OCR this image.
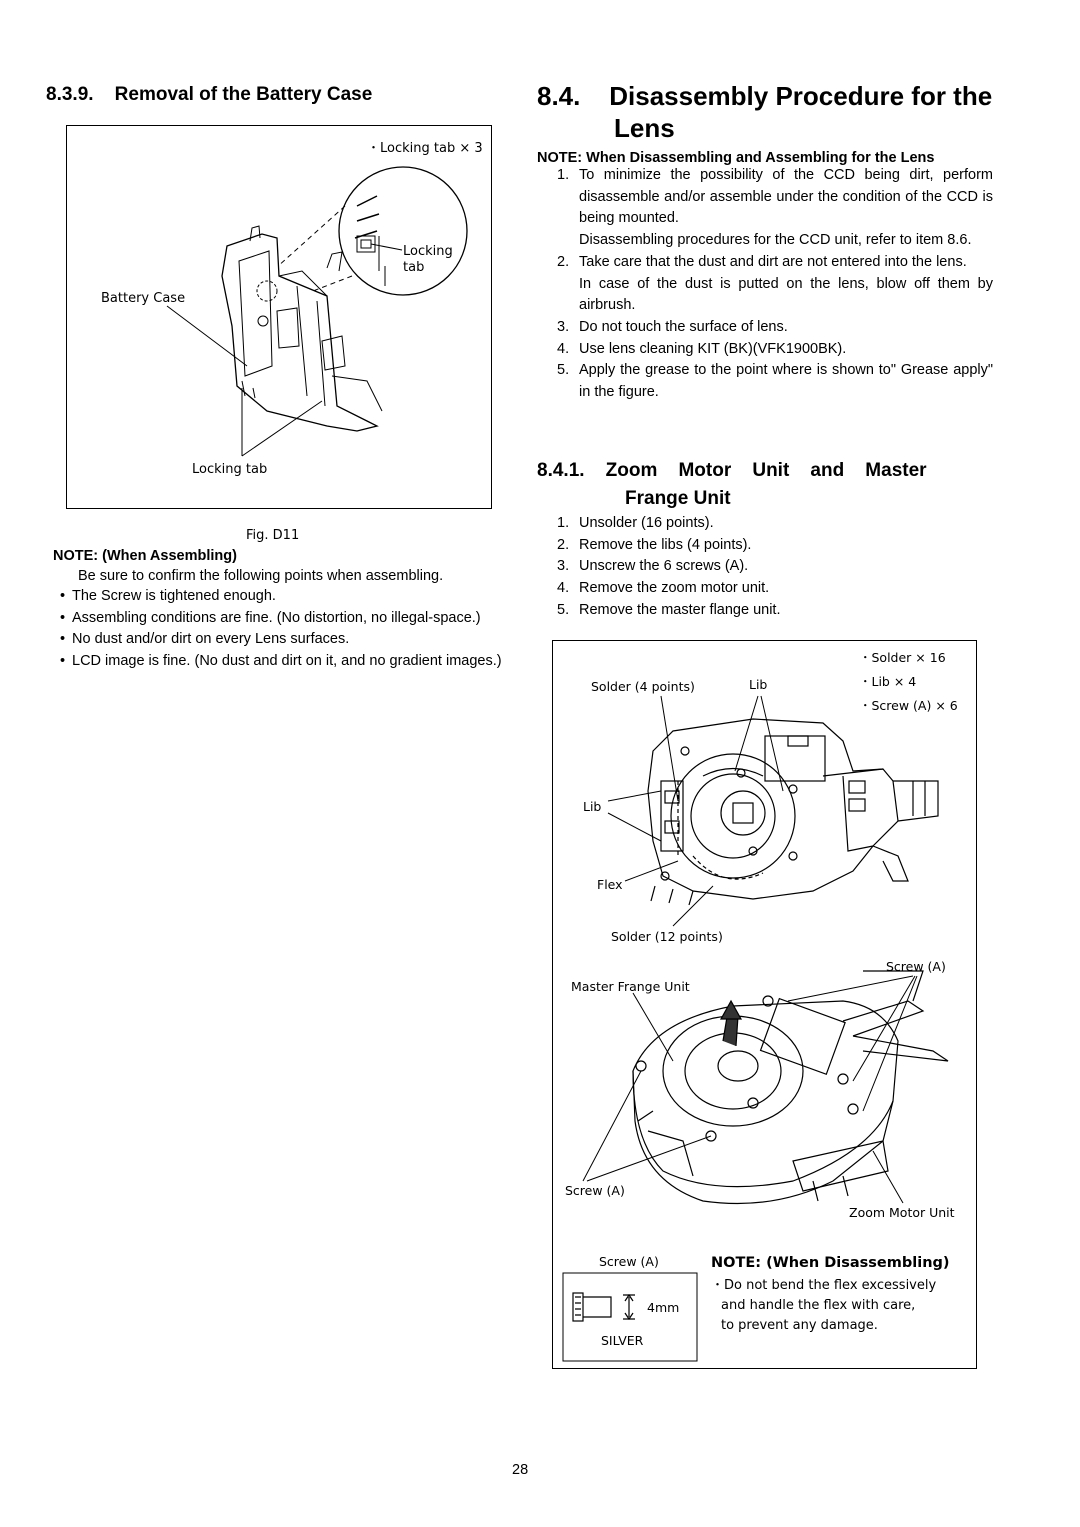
8.3.9.    Removal of the Battery Case
・Locking tab × 3
Locking
tab
Battery Case
Locking tab
Fig. D11
NOTE: (When Assembling)
Be sure to confirm the following points when assembling.
• The Screw is tightened enough.
• Assembling conditions are fine. (No distortion, no illegal-space.)
• No dust and/or dirt on every Lens surfaces.
• LCD image is fine. (No dust and dirt on it, and no gradient images.)
8.4.    Disassembly Procedure for the
Lens
NOTE: When Disassembling and Assembling for the Lens
1. To minimize the possibility of the CCD being dirt, perform disassemble and/or assemble under the condition of the CCD is being mounted.
Disassembling procedures for the CCD unit, refer to item 8.6.
2. Take care that the dust and dirt are not entered into the lens.
In case of the dust is putted on the lens, blow off them by airbrush.
3. Do not touch the surface of lens.
4. Use lens cleaning KIT (BK)(VFK1900BK).
5. Apply the grease to the point where is shown to" Grease apply" in the figure.
8.4.1.    Zoom    Motor    Unit    and    Master
Frange Unit
1. Unsolder (16 points).
2. Remove the libs (4 points).
3. Unscrew the 6 screws (A).
4. Remove the zoom motor unit.
5. Remove the master flange unit.
・Solder × 16
・Lib × 4
・Screw (A) × 6
Solder (4 points)	Lib
Lib
Flex
Solder (12 points)
Screw (A)
Master Frange Unit
Screw (A)
Zoom Motor Unit
Screw (A)
4mm
SILVER
NOTE: (When Disassembling)
・Do not bend the flex excessively
and handle the flex with care,
to prevent any damage.
28
